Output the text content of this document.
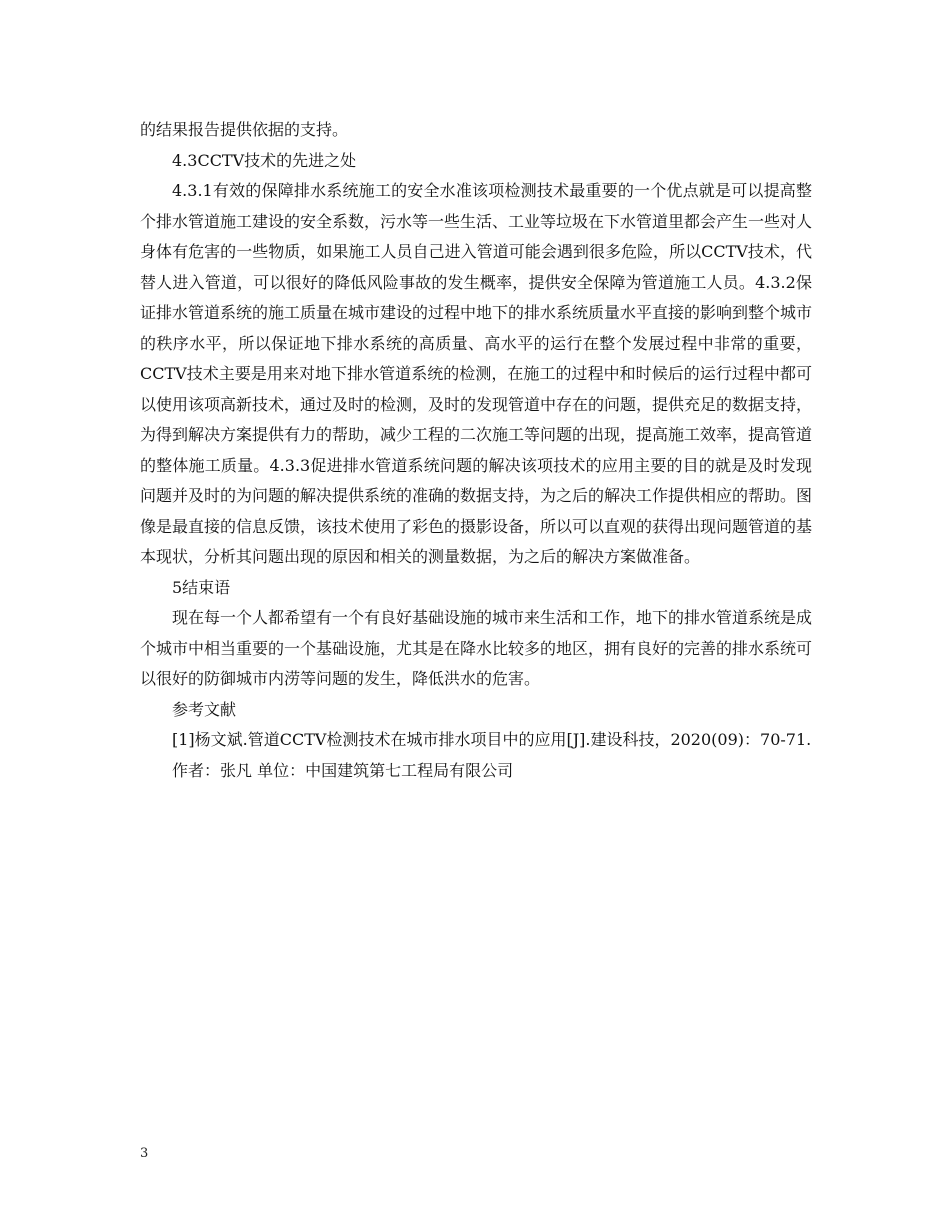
的结果报告提供依据的支持。

4.3CCTV技术的先进之处

4.3.1有效的保障排水系统施工的安全水准该项检测技术最重要的一个优点就是可以提高整个排水管道施工建设的安全系数，污水等一些生活、工业等垃圾在下水管道里都会产生一些对人身体有危害的一些物质，如果施工人员自己进入管道可能会遇到很多危险，所以CCTV技术，代替人进入管道，可以很好的降低风险事故的发生概率，提供安全保障为管道施工人员。4.3.2保证排水管道系统的施工质量在城市建设的过程中地下的排水系统质量水平直接的影响到整个城市的秩序水平，所以保证地下排水系统的高质量、高水平的运行在整个发展过程中非常的重要，CCTV技术主要是用来对地下排水管道系统的检测，在施工的过程中和时候后的运行过程中都可以使用该项高新技术，通过及时的检测，及时的发现管道中存在的问题，提供充足的数据支持，为得到解决方案提供有力的帮助，减少工程的二次施工等问题的出现，提高施工效率，提高管道的整体施工质量。4.3.3促进排水管道系统问题的解决该项技术的应用主要的目的就是及时发现问题并及时的为问题的解决提供系统的准确的数据支持，为之后的解决工作提供相应的帮助。图像是最直接的信息反馈，该技术使用了彩色的摄影设备，所以可以直观的获得出现问题管道的基本现状，分析其问题出现的原因和相关的测量数据，为之后的解决方案做准备。

5结束语

现在每一个人都希望有一个有良好基础设施的城市来生活和工作，地下的排水管道系统是成个城市中相当重要的一个基础设施，尤其是在降水比较多的地区，拥有良好的完善的排水系统可以很好的防御城市内涝等问题的发生，降低洪水的危害。

参考文献

[1]杨文斌.管道CCTV检测技术在城市排水项目中的应用[J].建设科技，2020(09)：70-71.

作者：张凡 单位：中国建筑第七工程局有限公司

3
